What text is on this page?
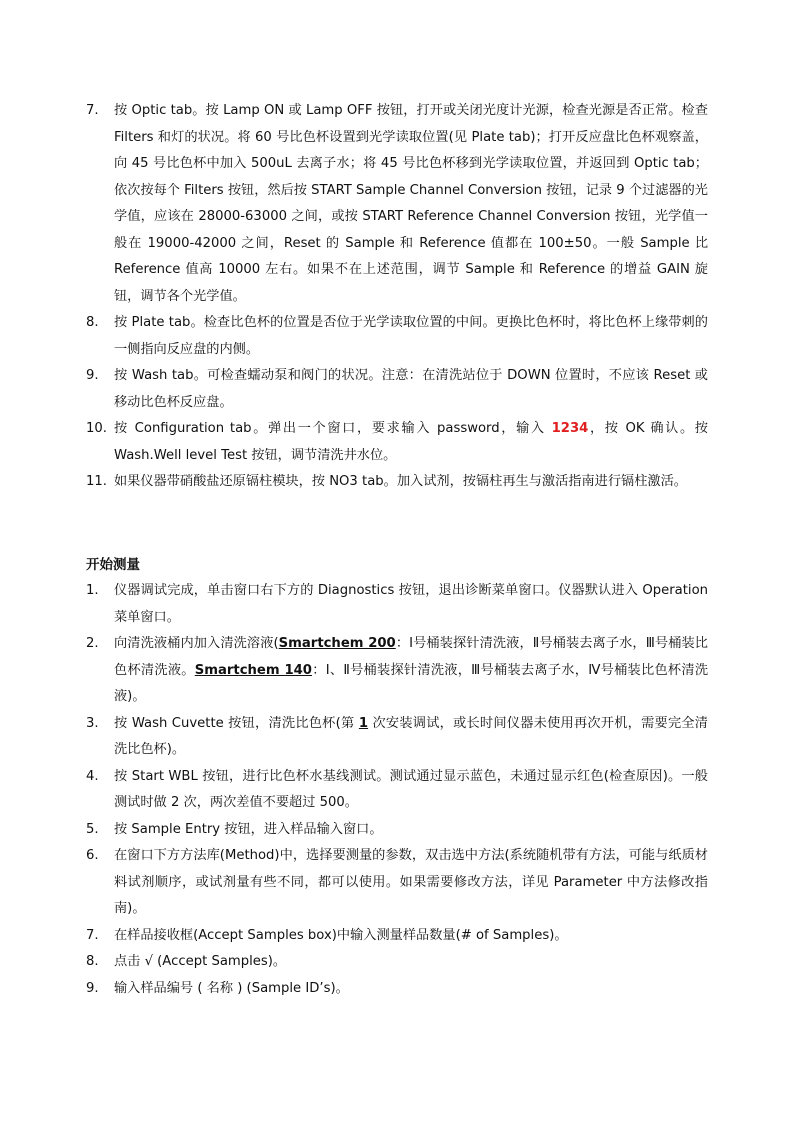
7. 按 Optic tab。按 Lamp ON 或 Lamp OFF 按钮，打开或关闭光度计光源，检查光源是否正常。检查 Filters 和灯的状况。将 60 号比色杯设置到光学读取位置(见 Plate tab)；打开反应盘比色杯观察盖，向 45 号比色杯中加入 500uL 去离子水；将 45 号比色杯移到光学读取位置，并返回到 Optic tab；依次按每个 Filters 按钮，然后按 START Sample Channel Conversion 按钮，记录 9 个过滤器的光学值，应该在 28000-63000 之间，或按 START Reference Channel Conversion 按钮，光学值一般在 19000-42000 之间，Reset 的 Sample 和 Reference 值都在 100±50。一般 Sample 比 Reference 值高 10000 左右。如果不在上述范围，调节 Sample 和 Reference 的增益 GAIN 旋钮，调节各个光学值。
8. 按 Plate tab。检查比色杯的位置是否位于光学读取位置的中间。更换比色杯时，将比色杯上缘带刺的一侧指向反应盘的内侧。
9. 按 Wash tab。可检查蠕动泵和阀门的状况。注意：在清洗站位于 DOWN 位置时，不应该 Reset 或移动比色杯反应盘。
10. 按 Configuration tab。弹出一个窗口，要求输入 password，输入 1234，按 OK 确认。按 Wash.Well level Test 按钮，调节清洗井水位。
11. 如果仪器带硝酸盐还原镉柱模块，按 NO3 tab。加入试剂，按镉柱再生与激活指南进行镉柱激活。
开始测量
1. 仪器调试完成，单击窗口右下方的 Diagnostics 按钮，退出诊断菜单窗口。仪器默认进入 Operation 菜单窗口。
2. 向清洗液桶内加入清洗溶液(Smartchem 200：Ⅰ号桶装探针清洗液，Ⅱ号桶装去离子水，Ⅲ号桶装比色杯清洗液。Smartchem 140：Ⅰ、Ⅱ号桶装探针清洗液，Ⅲ号桶装去离子水，Ⅳ号桶装比色杯清洗液)。
3. 按 Wash Cuvette 按钮，清洗比色杯(第 1 次安装调试，或长时间仪器未使用再次开机，需要完全清洗比色杯)。
4. 按 Start WBL 按钮，进行比色杯水基线测试。测试通过显示蓝色，未通过显示红色(检查原因)。一般测试时做 2 次，两次差值不要超过 500。
5. 按 Sample Entry 按钮，进入样品输入窗口。
6. 在窗口下方方法库(Method)中，选择要测量的参数，双击选中方法(系统随机带有方法，可能与纸质材料试剂顺序，或试剂量有些不同，都可以使用。如果需要修改方法，详见 Parameter 中方法修改指南)。
7. 在样品接收框(Accept Samples box)中输入测量样品数量(# of Samples)。
8. 点击 √ (Accept Samples)。
9. 输入样品编号 ( 名称 ) (Sample ID’s)。
